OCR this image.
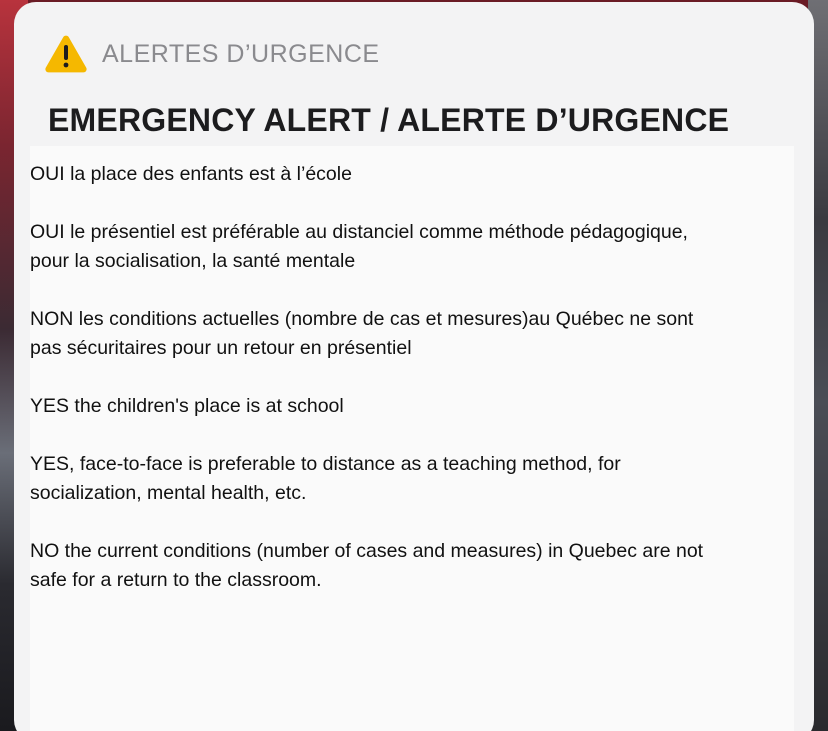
ALERTES D’URGENCE
EMERGENCY ALERT / ALERTE D’URGENCE

OUI la place des enfants est à l’école

OUI le présentiel est préférable au distanciel comme méthode pédagogique,
pour la socialisation, la santé mentale

NON les conditions actuelles (nombre de cas et mesures)au Québec ne sont
pas sécuritaires pour un retour en présentiel

YES the children's place is at school

YES, face-to-face is preferable to distance as a teaching method, for
socialization, mental health, etc.

NO the current conditions (number of cases and measures) in Quebec are not
safe for a return to the classroom.
